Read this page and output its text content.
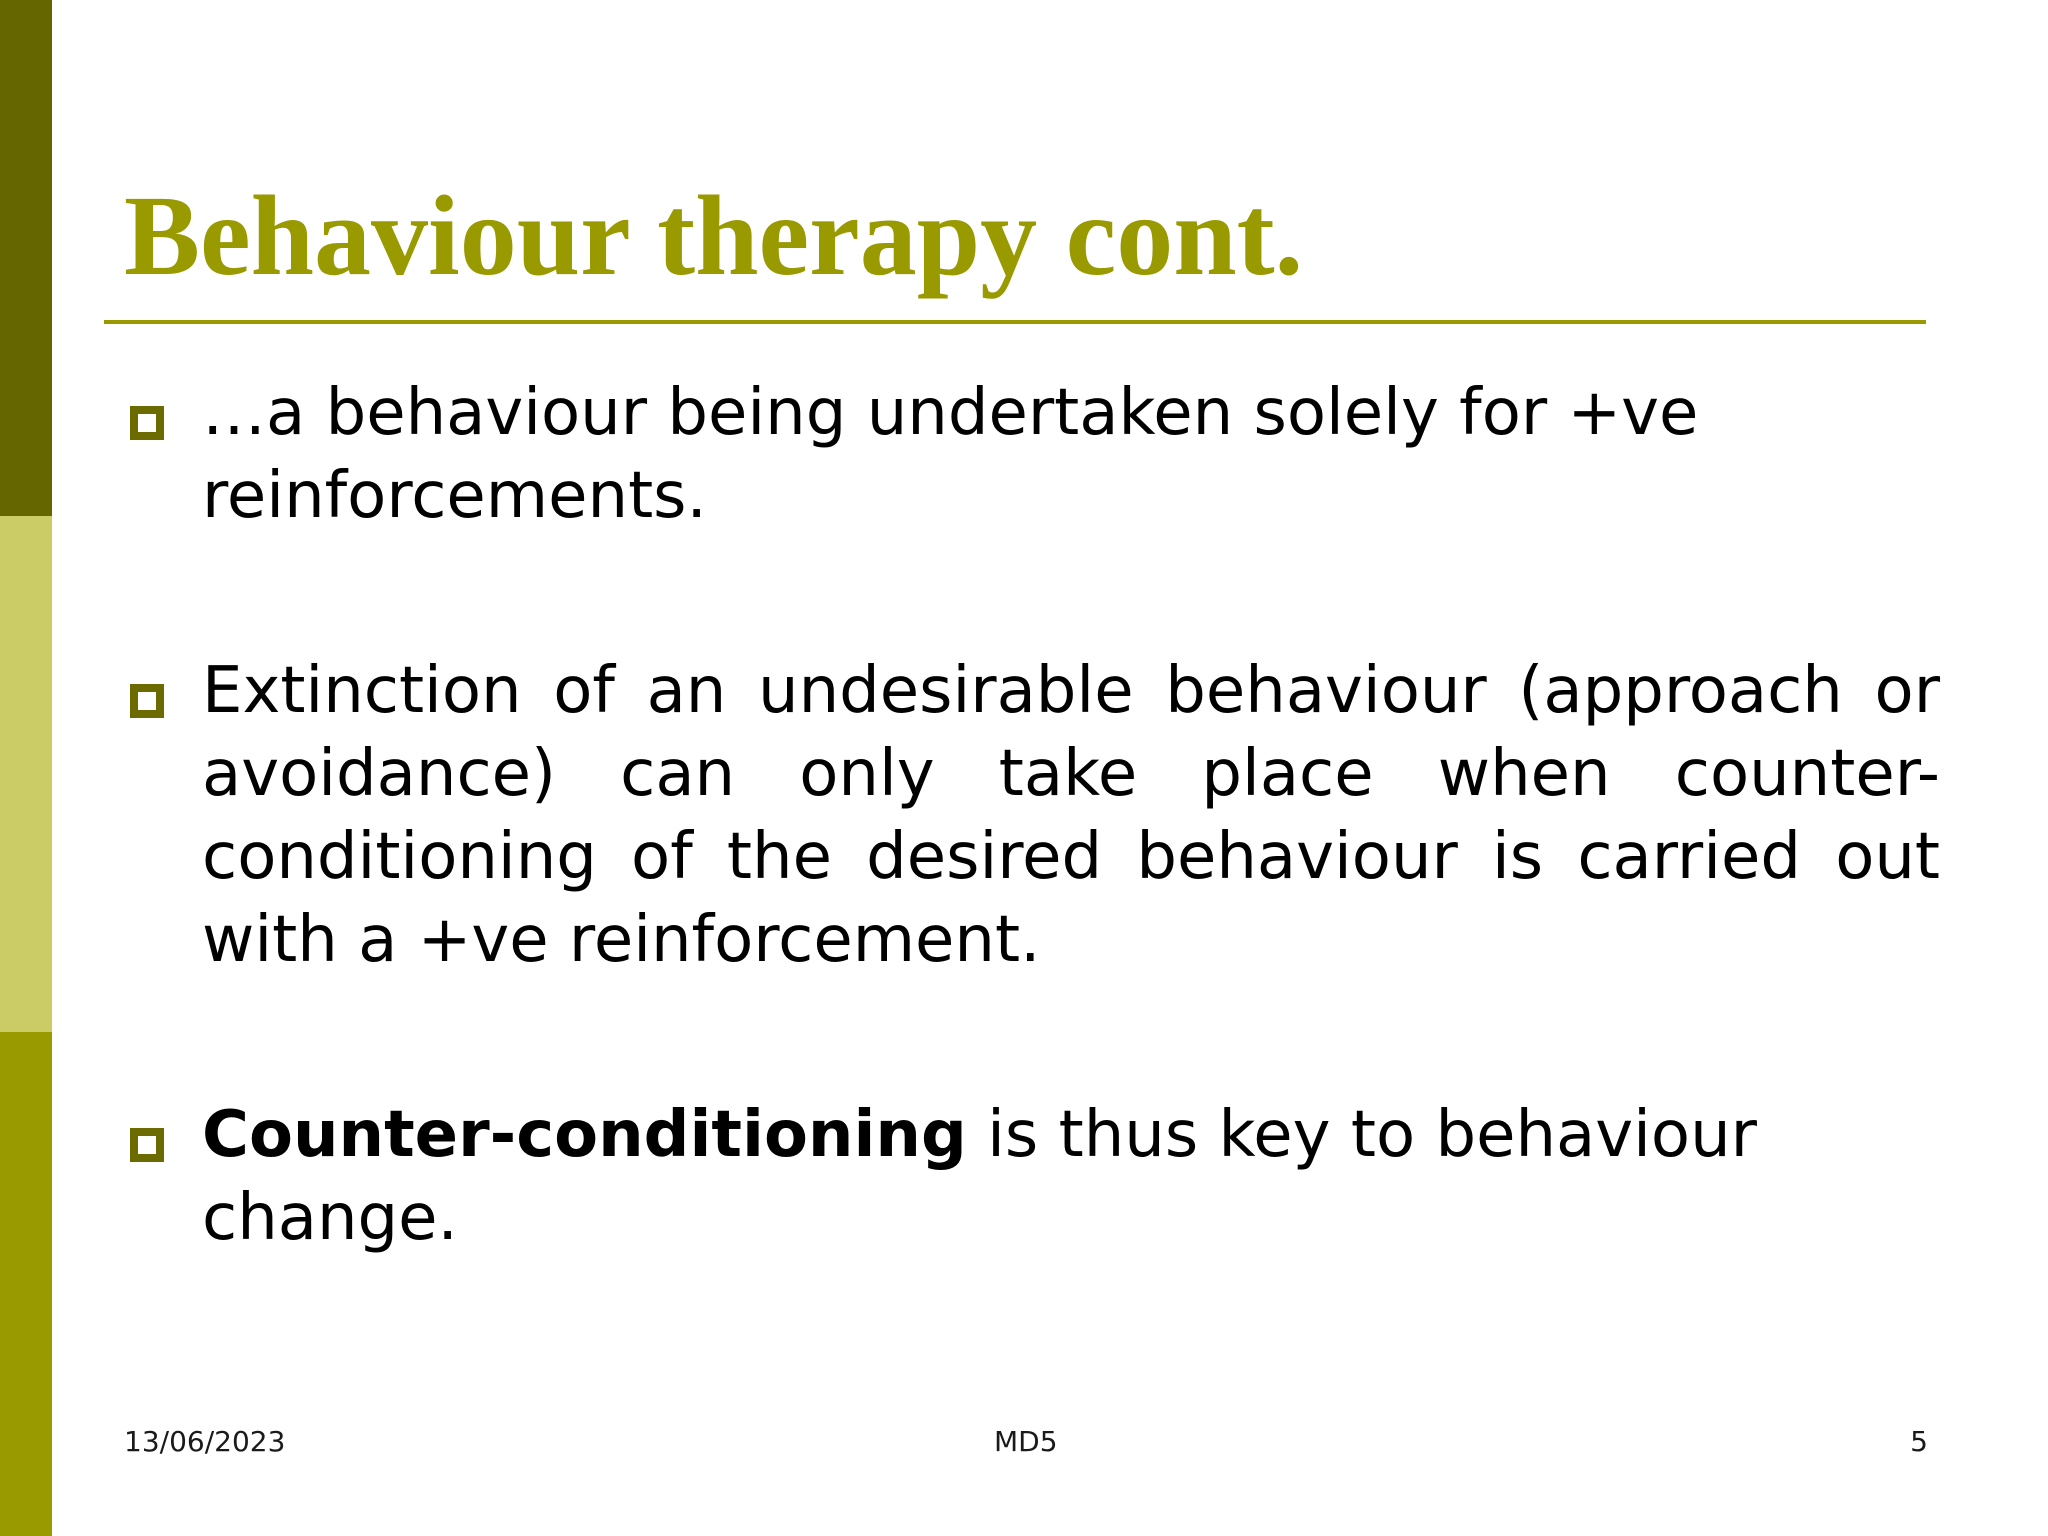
Behaviour therapy cont.
…a behaviour being undertaken solely for +ve reinforcements.
Extinction of an undesirable behaviour (approach or avoidance) can only take place when counter-conditioning of the desired behaviour is carried out with a +ve reinforcement.
Counter-conditioning is thus key to behaviour change.
13/06/2023	MD5	5
